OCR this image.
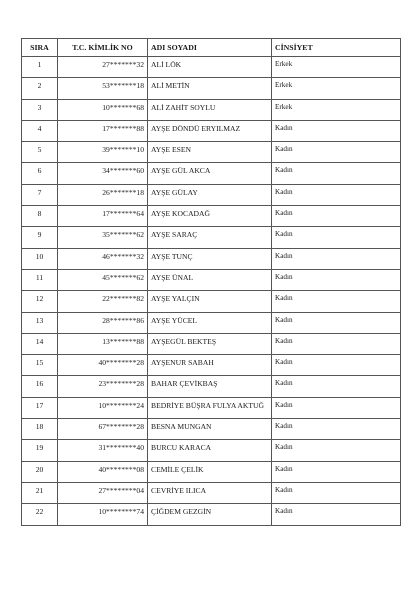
SIRA	T.C. KİMLİK NO	ADI SOYADI	CİNSİYET
1	27*******32	ALİ LÖK	Erkek
2	53*******18	ALİ METİN	Erkek
3	10*******68	ALİ ZAHİT SOYLU	Erkek
4	17*******88	AYŞE DÖNDÜ ERYILMAZ	Kadın
5	39*******10	AYŞE ESEN	Kadın
6	34*******60	AYŞE GÜL AKCA	Kadın
7	26*******18	AYŞE GÜLAY	Kadın
8	17*******64	AYŞE KOCADAĞ	Kadın
9	35*******62	AYŞE SARAÇ	Kadın
10	46*******32	AYŞE TUNÇ	Kadın
11	45*******62	AYŞE ÜNAL	Kadın
12	22*******82	AYŞE YALÇIN	Kadın
13	28*******86	AYŞE YÜCEL	Kadın
14	13*******88	AYŞEGÜL BEKTEŞ	Kadın
15	40********28	AYŞENUR SABAH	Kadın
16	23********28	BAHAR ÇEVİKBAŞ	Kadın
17	10********24	BEDRİYE BÜŞRA FULYA AKTUĞ	Kadın
18	67********28	BESNA MUNGAN	Kadın
19	31********40	BURCU KARACA	Kadın
20	40********08	CEMİLE ÇELİK	Kadın
21	27********04	CEVRİYE ILICA	Kadın
22	10********74	ÇİĞDEM GEZGİN	Kadın
